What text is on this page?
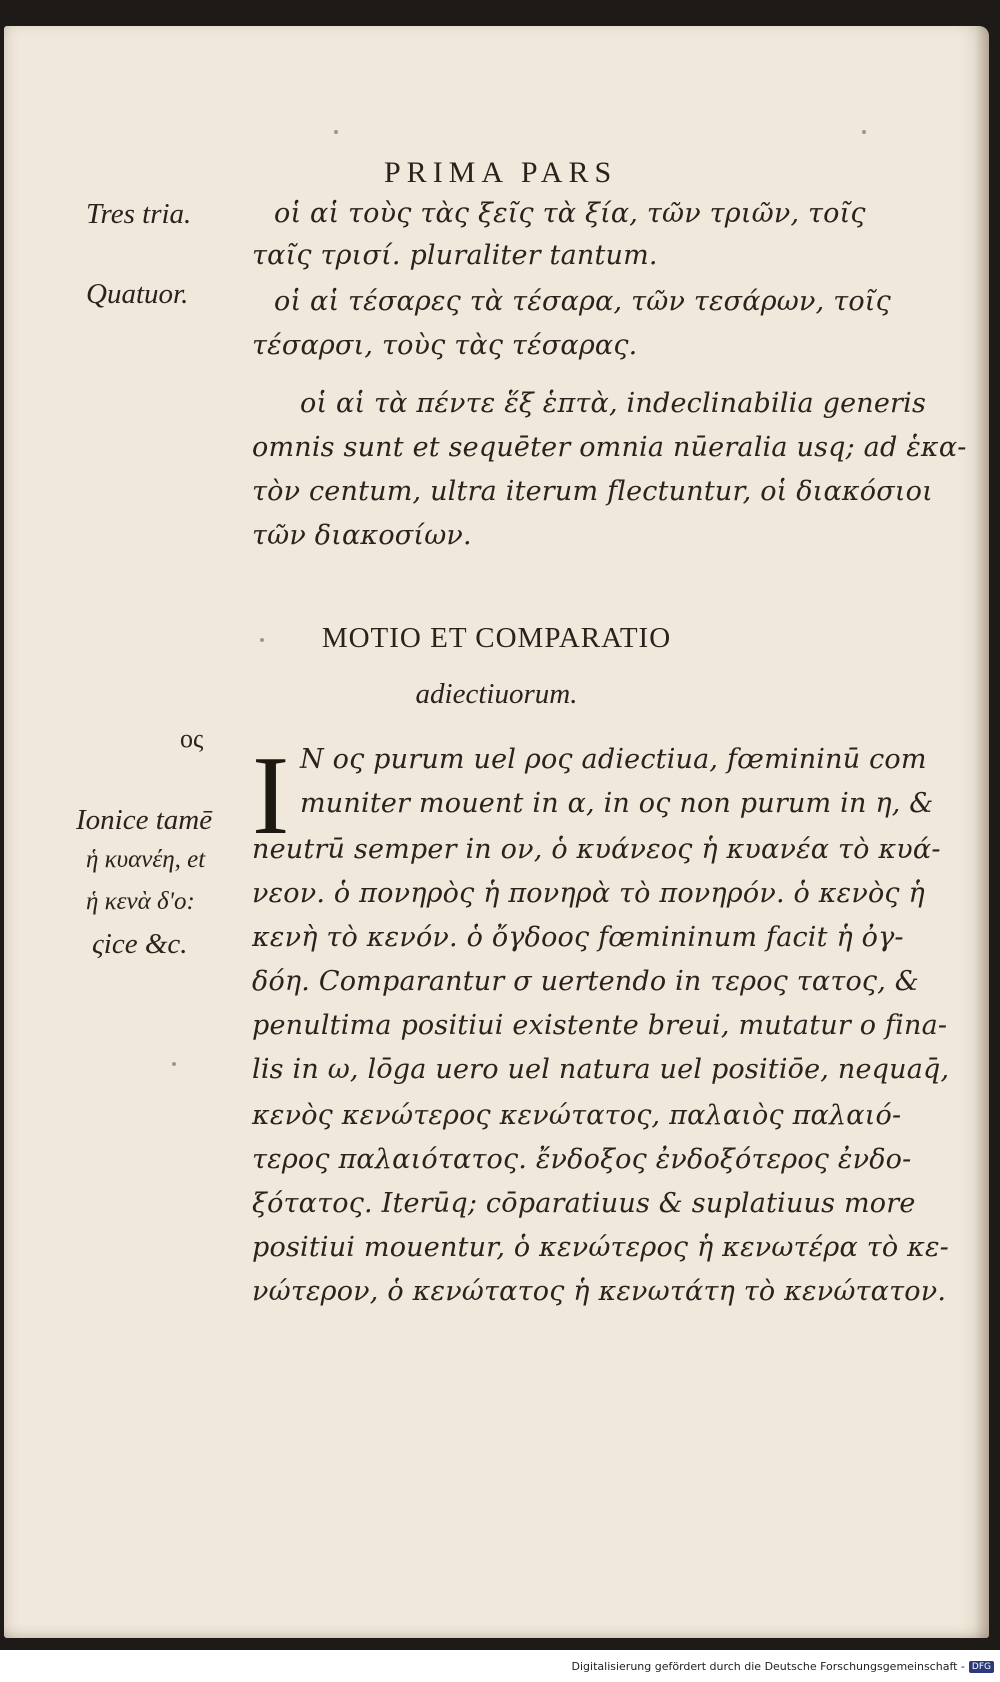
PRIMA PARS
Tres tria.
Quatuor.
ος
Ionice tamē
ἡ κυανέη, et
ἡ κενὰ δ'ο:
ςice &c.
οἱ αἱ τοὺς τὰς ξεῖς τὰ ξία, τῶν τριῶν, τοῖς
ταῖς τρισί. pluraliter tantum.
οἱ αἱ τέσαρες τὰ τέσαρα, τῶν τεσάρων, τοῖς
τέσαρσι, τοὺς τὰς τέσαρας.
οἱ αἱ τὰ πέντε ἕξ ἑπτὰ, indeclinabilia generis
omnis sunt et sequēter omnia nūeralia usq; ad ἑκα-
τὸν centum, ultra iterum flectuntur, οἱ διακόσιοι
τῶν διακοσίων.
MOTIO ET COMPARATIO
adiectiuorum.
I N ος purum uel ρος adiectiua, fœmininū com
muniter mouent in α, in ος non purum in η, &
neutrū semper in ον, ὁ κυάνεος ἡ κυανέα τὸ κυά-
νεον. ὁ πονηρὸς ἡ πονηρὰ τὸ πονηρόν. ὁ κενὸς ἡ
κενὴ τὸ κενόν. ὁ ὄγδοος fœmininum facit ἡ ὀγ-
δόη. Comparantur σ uertendo in τερος τατος, &
penultima positiui existente breui, mutatur ο fina-
lis in ω, lōga uero uel natura uel positiōe, nequaq̄,
κενὸς κενώτερος κενώτατος, παλαιὸς παλαιό-
τερος παλαιότατος. ἔνδοξος ἐνδοξότερος ἐνδο-
ξότατος. Iterūq; cōparatiuus & suplatiuus more
positiui mouentur, ὁ κενώτερος ἡ κενωτέρα τὸ κε-
νώτερον, ὁ κενώτατος ἡ κενωτάτη τὸ κενώτατον.
Digitalisierung gefördert durch die Deutsche Forschungsgemeinschaft - DFG
